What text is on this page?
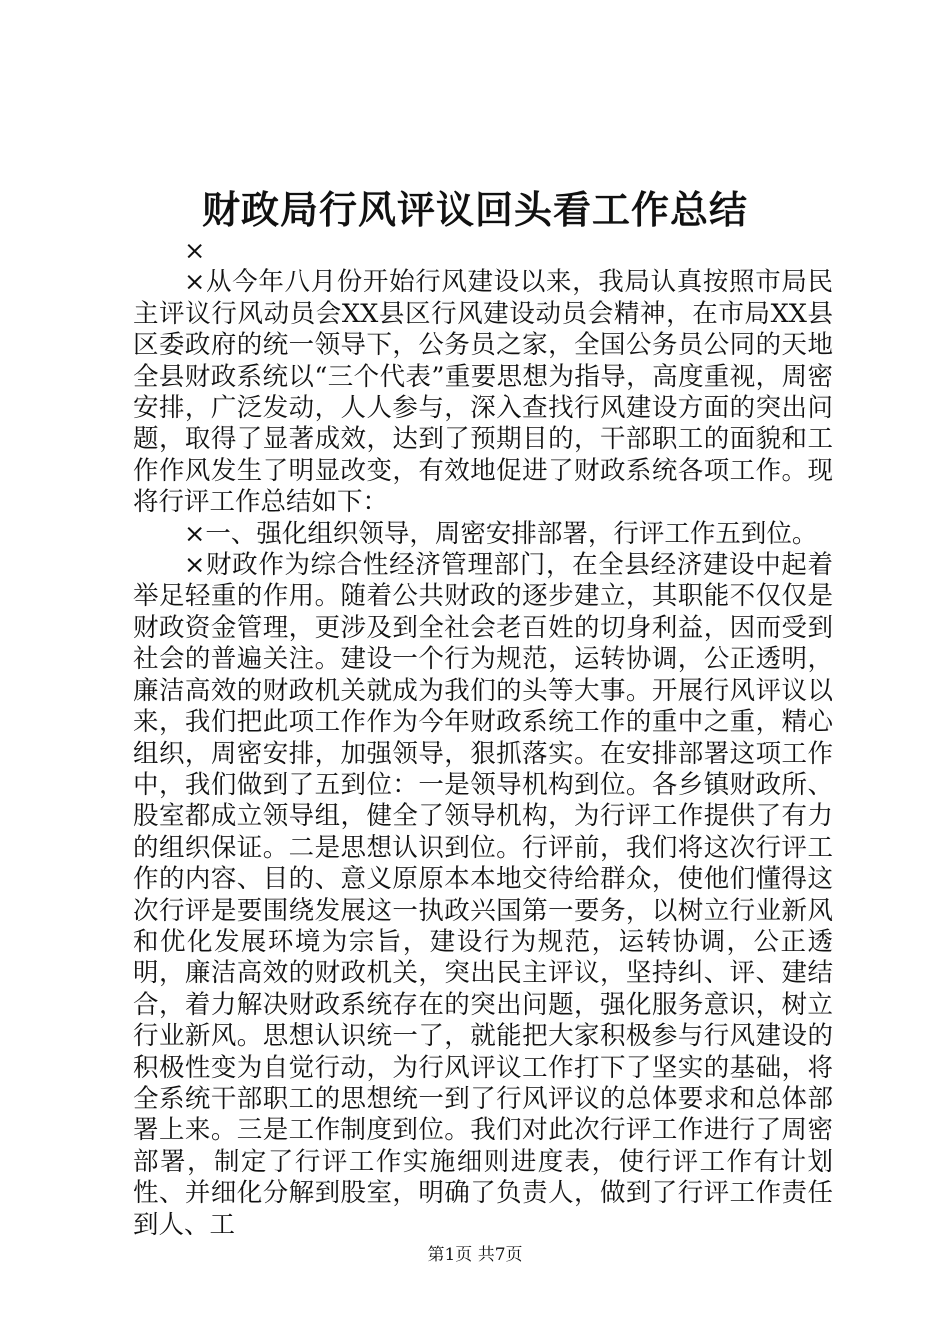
财政局行风评议回头看工作总结

×

×从今年八月份开始行风建设以来，我局认真按照市局民主评议行风动员会XX县区行风建设动员会精神，在市局XX县区委政府的统一领导下，公务员之家，全国公务员公同的天地全县财政系统以“三个代表”重要思想为指导，高度重视，周密安排，广泛发动，人人参与，深入查找行风建设方面的突出问题，取得了显著成效，达到了预期目的，干部职工的面貌和工作作风发生了明显改变，有效地促进了财政系统各项工作。现将行评工作总结如下：

×一、强化组织领导，周密安排部署，行评工作五到位。

×财政作为综合性经济管理部门，在全县经济建设中起着举足轻重的作用。随着公共财政的逐步建立，其职能不仅仅是财政资金管理，更涉及到全社会老百姓的切身利益，因而受到社会的普遍关注。建设一个行为规范，运转协调，公正透明，廉洁高效的财政机关就成为我们的头等大事。开展行风评议以来，我们把此项工作作为今年财政系统工作的重中之重，精心组织，周密安排，加强领导，狠抓落实。在安排部署这项工作中，我们做到了五到位：一是领导机构到位。各乡镇财政所、股室都成立领导组，健全了领导机构，为行评工作提供了有力的组织保证。二是思想认识到位。行评前，我们将这次行评工作的内容、目的、意义原原本本地交待给群众，使他们懂得这次行评是要围绕发展这一执政兴国第一要务，以树立行业新风和优化发展环境为宗旨，建设行为规范，运转协调，公正透明，廉洁高效的财政机关，突出民主评议，坚持纠、评、建结合，着力解决财政系统存在的突出问题，强化服务意识，树立行业新风。思想认识统一了，就能把大家积极参与行风建设的积极性变为自觉行动，为行风评议工作打下了坚实的基础，将全系统干部职工的思想统一到了行风评议的总体要求和总体部署上来。三是工作制度到位。我们对此次行评工作进行了周密部署，制定了行评工作实施细则进度表，使行评工作有计划性、并细化分解到股室，明确了负责人，做到了行评工作责任到人、工

第1页 共7页
